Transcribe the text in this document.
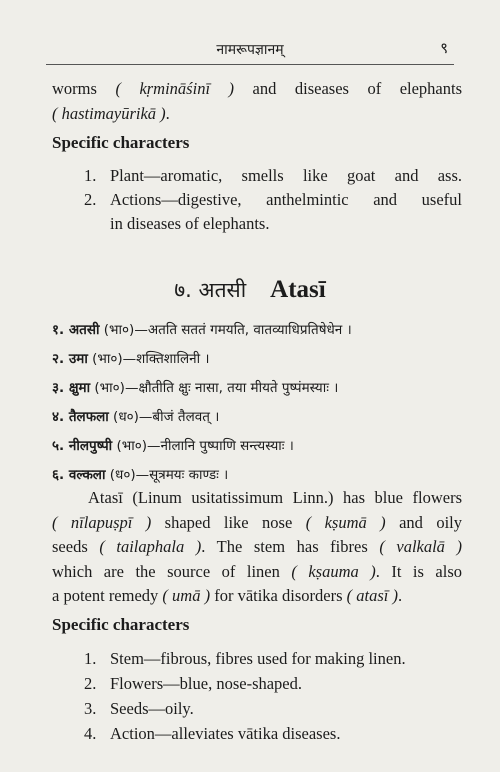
नामरूपज्ञानम्	९
worms ( kṛmināśinī ) and diseases of elephants
( hastimayūrikā ).
Specific characters
1. Plant—aromatic, smells like goat and ass.
2. Actions—digestive, anthelmintic and useful
in diseases of elephants.
७. अतसी Atasī
१. अतसी (भा०)—अतति सततं गमयति, वातव्याधिप्रतिषेधेन ।
२. उमा (भा०)—शक्तिशालिनी ।
३. क्षुमा (भा०)—क्षौतीति क्षुः नासा, तया मीयते पुष्पंमस्याः ।
४. तैलफला (ध०)—बीजं तैलवत् ।
५. नीलपुष्पी (भा०)—नीलानि पुष्पाणि सन्त्यस्याः ।
६. वल्कला (ध०)—सूत्रमयः काण्डः ।
Atasī (Linum usitatissimum Linn.) has blue flowers
( nīlapuṣpī ) shaped like nose ( kṣumā ) and oily
seeds ( tailaphala ). The stem has fibres ( valkalā )
which are the source of linen ( kṣauma ). It is also
a potent remedy ( umā ) for vātika disorders ( atasī ).
Specific characters
1. Stem—fibrous, fibres used for making linen.
2. Flowers—blue, nose-shaped.
3. Seeds—oily.
4. Action—alleviates vātika diseases.
